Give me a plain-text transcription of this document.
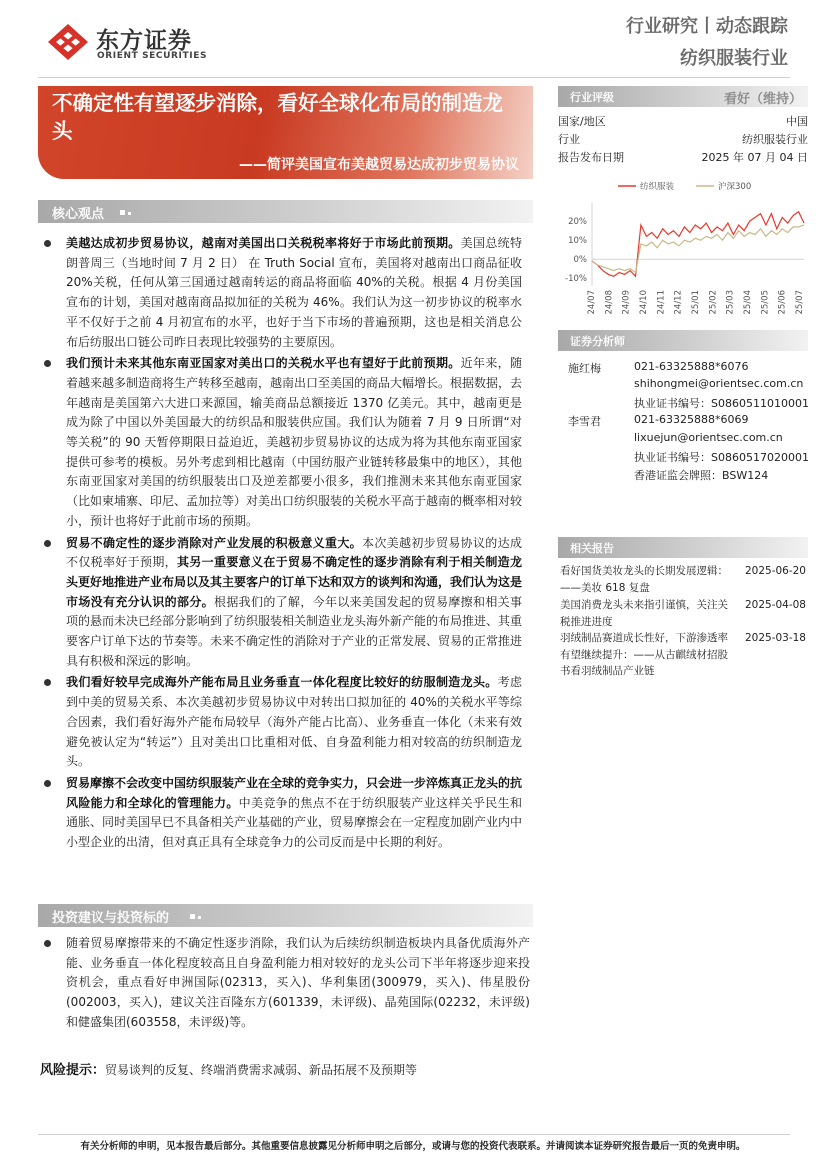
东方证券
ORIENT SECURITIES
行业研究丨动态跟踪
纺织服装行业
不确定性有望逐步消除，看好全球化布局的制造龙头
——简评美国宣布美越贸易达成初步贸易协议
核心观点

美越达成初步贸易协议，越南对美国出口关税税率将好于市场此前预期。美国总统特朗普周三（当地时间 7 月 2 日） 在 Truth Social 宣布，美国将对越南出口商品征收 20%关税，任何从第三国通过越南转运的商品将面临 40%的关税。根据 4 月份美国宣布的计划，美国对越南商品拟加征的关税为 46%。我们认为这一初步协议的税率水平不仅好于之前 4 月初宣布的水平，也好于当下市场的普遍预期，这也是相关消息公布后纺服出口链公司昨日表现比较强势的主要原因。

我们预计未来其他东南亚国家对美出口的关税水平也有望好于此前预期。近年来，随着越来越多制造商将生产转移至越南，越南出口至美国的商品大幅增长。根据数据，去年越南是美国第六大进口来源国，输美商品总额接近 1370 亿美元。其中，越南更是成为除了中国以外美国最大的纺织品和服装供应国。我们认为随着 7 月 9 日所谓“对等关税”的 90 天暂停期限日益迫近，美越初步贸易协议的达成为将为其他东南亚国家提供可参考的模板。另外考虑到相比越南（中国纺服产业链转移最集中的地区），其他东南亚国家对美国的纺织服装出口及逆差都要小很多，我们推测未来其他东南亚国家（比如柬埔寨、印尼、孟加拉等）对美出口纺织服装的关税水平高于越南的概率相对较小，预计也将好于此前市场的预期。

贸易不确定性的逐步消除对产业发展的积极意义重大。本次美越初步贸易协议的达成不仅税率好于预期，其另一重要意义在于贸易不确定性的逐步消除有利于相关制造龙头更好地推进产业布局以及其主要客户的订单下达和双方的谈判和沟通，我们认为这是市场没有充分认识的部分。根据我们的了解，今年以来美国发起的贸易摩擦和相关事项的悬而未决已经部分影响到了纺织服装相关制造业龙头海外新产能的布局推进、其重要客户订单下达的节奏等。未来不确定性的消除对于产业的正常发展、贸易的正常推进具有积极和深远的影响。

我们看好较早完成海外产能布局且业务垂直一体化程度比较好的纺服制造龙头。考虑到中美的贸易关系、本次美越初步贸易协议中对转出口拟加征的 40%的关税水平等综合因素，我们看好海外产能布局较早（海外产能占比高）、业务垂直一体化（未来有效避免被认定为“转运”）且对美出口比重相对低、自身盈利能力相对较高的纺织制造龙头。

贸易摩擦不会改变中国纺织服装产业在全球的竞争实力，只会进一步淬炼真正龙头的抗风险能力和全球化的管理能力。中美竞争的焦点不在于纺织服装产业这样关乎民生和通胀、同时美国早已不具备相关产业基础的产业，贸易摩擦会在一定程度加剧产业内中小型企业的出清，但对真正具有全球竞争力的公司反而是中长期的利好。

投资建议与投资标的

随着贸易摩擦带来的不确定性逐步消除，我们认为后续纺织制造板块内具备优质海外产能、业务垂直一体化程度较高且自身盈利能力相对较好的龙头公司下半年将逐步迎来投资机会，重点看好申洲国际(02313，买入)、华利集团(300979，买入)、伟星股份(002003，买入)，建议关注百隆东方(601339，未评级)、晶苑国际(02232，未评级)和健盛集团(603558，未评级)等。

风险提示：贸易谈判的反复、终端消费需求减弱、新品拓展不及预期等
行业评级	看好（维持）
国家/地区	中国
行业	纺织服装行业
报告发布日期	2025 年 07 月 04 日
纺织服装	沪深300
20%
10%
0%
-10%
24/07 24/08 24/09 24/10 24/11 24/12 25/01 25/02 25/03 25/04 25/05 25/06 25/07
证券分析师
施红梅	021-63325888*6076
shihongmei@orientsec.com.cn
执业证书编号：S0860511010001
李雪君	021-63325888*6069
lixuejun@orientsec.com.cn
执业证书编号：S0860517020001
香港证监会牌照：BSW124
相关报告
看好国货美妆龙头的长期发展逻辑：——美妆 618 复盘
2025-06-20
美国消费龙头未来指引谨慎，关注关税推进进度
2025-04-08
羽绒制品赛道成长性好，下游渗透率有望继续提升：——从古麒绒材招股书看羽绒制品产业链
2025-03-18
有关分析师的申明，见本报告最后部分。其他重要信息披露见分析师申明之后部分，或请与您的投资代表联系。并请阅读本证券研究报告最后一页的免责申明。
